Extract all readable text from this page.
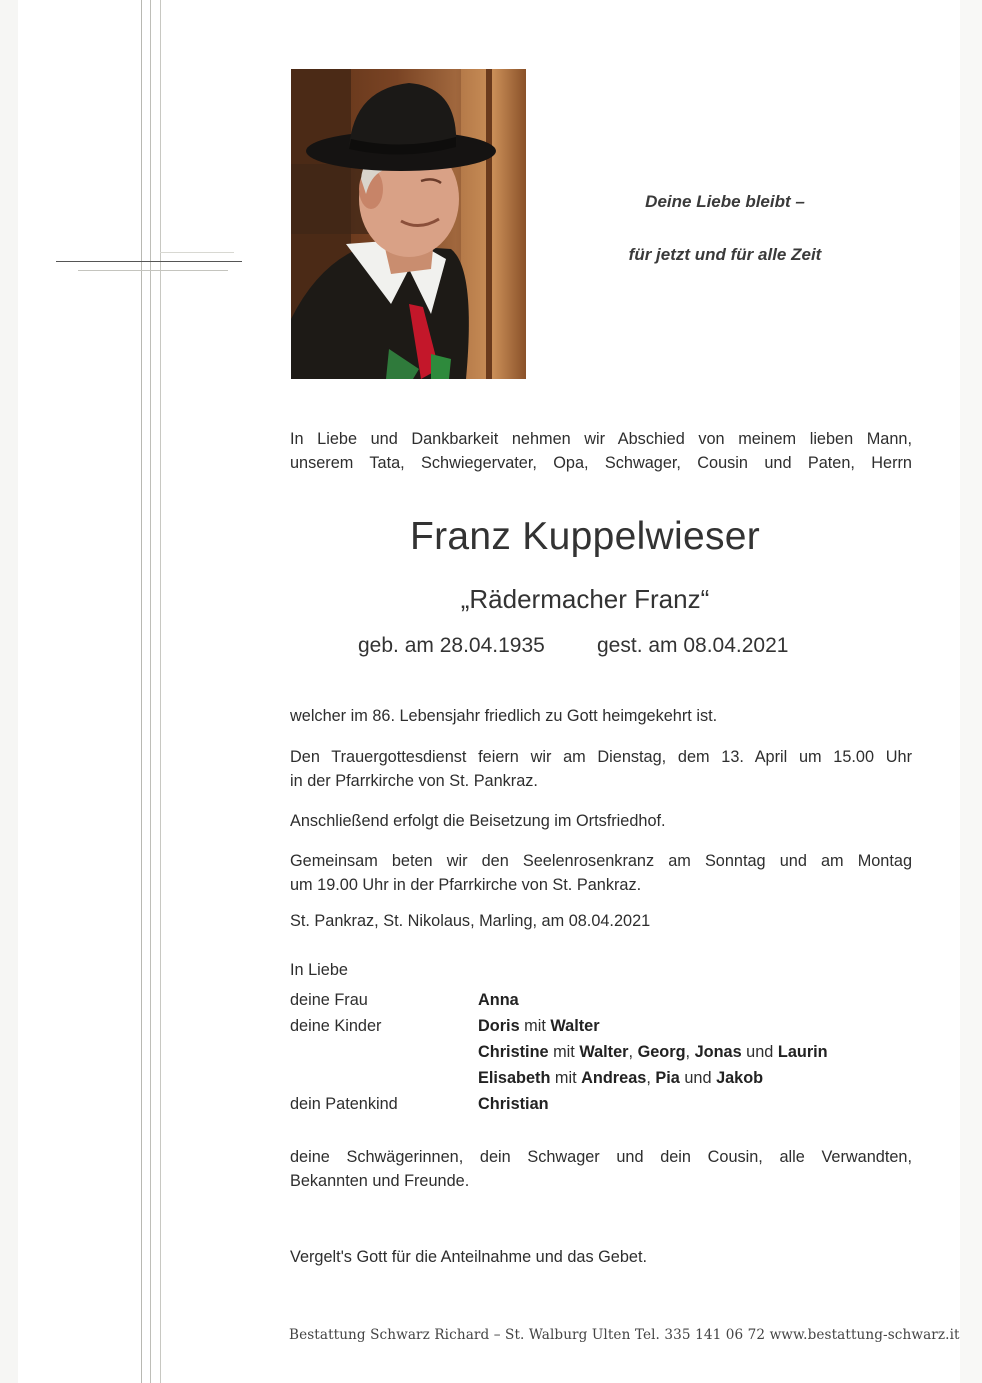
Deine Liebe bleibt –
für jetzt und für alle Zeit
In Liebe und Dankbarkeit nehmen wir Abschied von meinem lieben Mann,
unserem Tata, Schwiegervater, Opa, Schwager, Cousin und Paten, Herrn
Franz Kuppelwieser
„Rädermacher Franz“
geb. am 28.04.1935 gest. am 08.04.2021
welcher im 86. Lebensjahr friedlich zu Gott heimgekehrt ist.
Den Trauergottesdienst feiern wir am Dienstag, dem 13. April um 15.00 Uhr
in der Pfarrkirche von St. Pankraz.
Anschließend erfolgt die Beisetzung im Ortsfriedhof.
Gemeinsam beten wir den Seelenrosenkranz am Sonntag und am Montag
um 19.00 Uhr in der Pfarrkirche von St. Pankraz.
St. Pankraz, St. Nikolaus, Marling, am 08.04.2021
In Liebe
deine Frau	Anna
deine Kinder	Doris mit Walter
Christine mit Walter, Georg, Jonas und Laurin
Elisabeth mit Andreas, Pia und Jakob
dein Patenkind	Christian
deine Schwägerinnen, dein Schwager und dein Cousin, alle Verwandten,
Bekannten und Freunde.
Vergelt's Gott für die Anteilnahme und das Gebet.
Bestattung Schwarz Richard – St. Walburg Ulten Tel. 335 141 06 72 www.bestattung-schwarz.it
